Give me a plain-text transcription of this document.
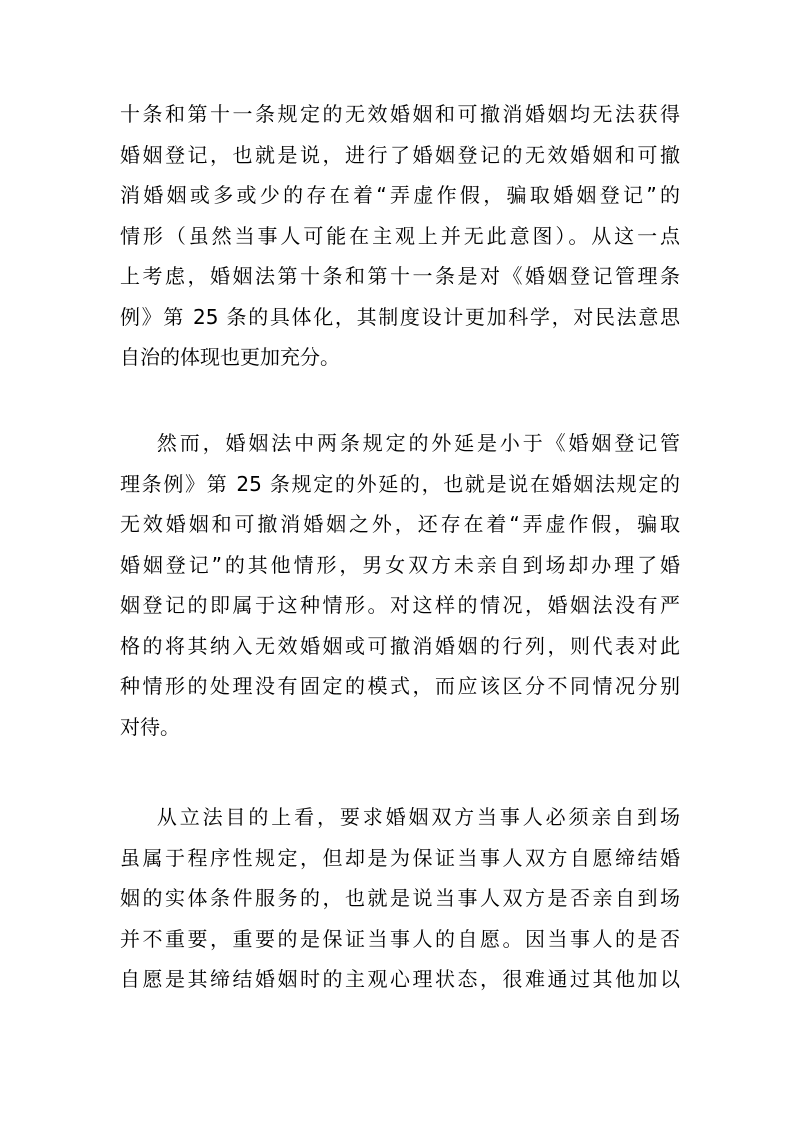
十条和第十一条规定的无效婚姻和可撤消婚姻均无法获得
婚姻登记，也就是说，进行了婚姻登记的无效婚姻和可撤
消婚姻或多或少的存在着“弄虚作假，骗取婚姻登记”的
情形（虽然当事人可能在主观上并无此意图）。从这一点
上考虑，婚姻法第十条和第十一条是对《婚姻登记管理条
例》第 25 条的具体化，其制度设计更加科学，对民法意思
自治的体现也更加充分。
然而，婚姻法中两条规定的外延是小于《婚姻登记管
理条例》第 25 条规定的外延的，也就是说在婚姻法规定的
无效婚姻和可撤消婚姻之外，还存在着“弄虚作假，骗取
婚姻登记”的其他情形，男女双方未亲自到场却办理了婚
姻登记的即属于这种情形。对这样的情况，婚姻法没有严
格的将其纳入无效婚姻或可撤消婚姻的行列，则代表对此
种情形的处理没有固定的模式，而应该区分不同情况分别
对待。
从立法目的上看，要求婚姻双方当事人必须亲自到场
虽属于程序性规定，但却是为保证当事人双方自愿缔结婚
姻的实体条件服务的，也就是说当事人双方是否亲自到场
并不重要，重要的是保证当事人的自愿。因当事人的是否
自愿是其缔结婚姻时的主观心理状态，很难通过其他加以
